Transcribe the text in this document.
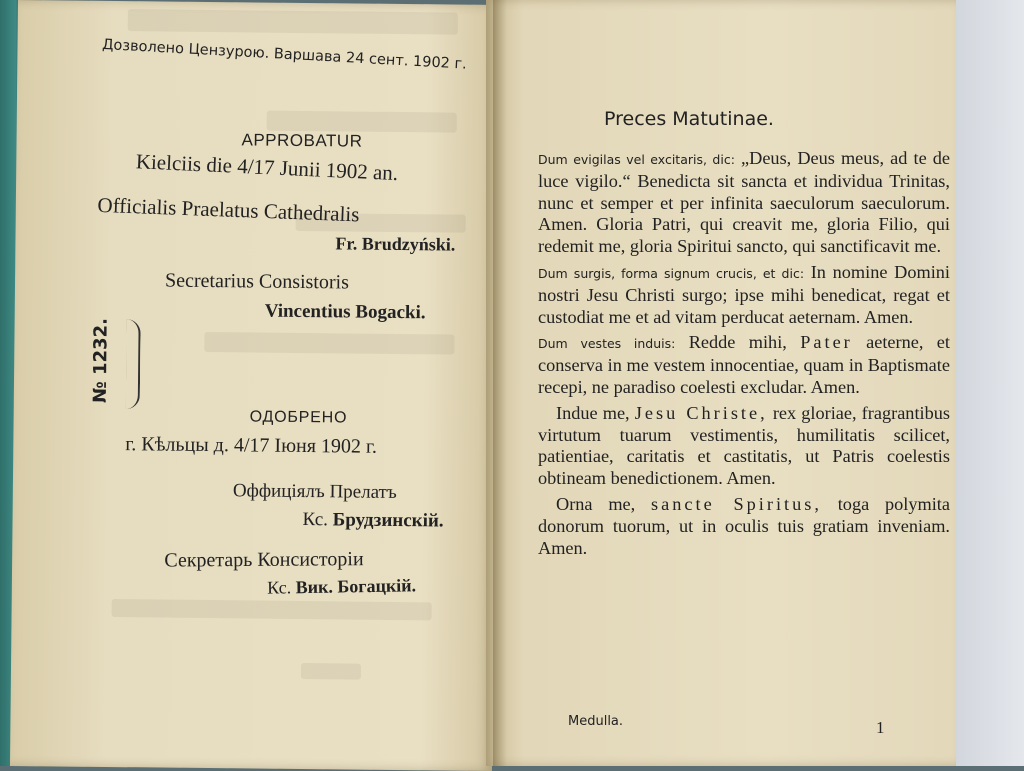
Дозволено Цензурою. Варшава 24 сент. 1902 г.
APPROBATUR
Kielciis die 4/17 Junii 1902 an.
Officialis Praelatus Cathedralis
Fr. Brudzyński.
Secretarius Consistoris
Vincentius Bogacki.
№ 1232.
ОДОБРЕНО
г. Кѣльцы д. 4/17 Іюня 1902 г.
Оффиціялъ Прелатъ
Кс. Брудзинскій.
Секретарь Консисторіи
Кс. Вик. Богацкій.
Preces Matutinae.

Dum evigilas vel excitaris, dic: „Deus, Deus meus, ad te de luce vigilo.“ Benedicta sit sancta et individua Trinitas, nunc et semper et per infinita saeculorum saeculorum. Amen. Gloria Patri, qui creavit me, gloria Filio, qui redemit me, gloria Spiritui sancto, qui sanctificavit me.

Dum surgis, forma signum crucis, et dic: In nomine Domini nostri Jesu Christi surgo; ipse mihi benedicat, regat et custodiat me et ad vitam perducat aeternam. Amen.

Dum vestes induis: Redde mihi, Pater aeterne, et conserva in me vestem innocentiae, quam in Baptismate recepi, ne paradiso coelesti excludar. Amen.

Indue me, Jesu Christe, rex gloriae, fragrantibus virtutum tuarum vestimentis, humilitatis scilicet, patientiae, caritatis et castitatis, ut Patris coelestis obtineam benedictionem. Amen.

Orna me, sancte Spiritus, toga polymita donorum tuorum, ut in oculis tuis gratiam inveniam. Amen.

Medulla.	1
